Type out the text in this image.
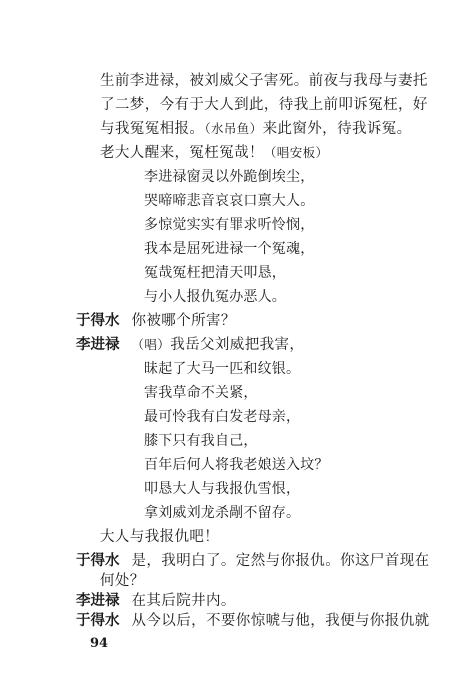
生前李进禄，被刘威父子害死。前夜与我母与妻托
了二梦，今有于大人到此，待我上前叩诉冤枉，好
与我冤冤相报。（水吊鱼）来此窗外，待我诉冤。
老大人醒来，冤枉冤哉！（唱安板）
李进禄窗灵以外跪倒埃尘，
哭啼啼悲音哀哀口禀大人。
多惊觉实实有罪求听怜悯，
我本是屈死进禄一个冤魂，
冤哉冤枉把清天叩恳，
与小人报仇冤办恶人。
于得水 你被哪个所害？
李进禄 （唱）我岳父刘威把我害，
昧起了大马一匹和纹银。
害我草命不关紧，
最可怜我有白发老母亲，
膝下只有我自己，
百年后何人将我老娘送入坟？
叩恳大人与我报仇雪恨，
拿刘威刘龙杀剮不留存。
大人与我报仇吧！
于得水 是，我明白了。定然与你报仇。你这尸首现在
何处？
李进禄 在其后院井内。
于得水 从今以后，不要你惊唬与他，我便与你报仇就
94
